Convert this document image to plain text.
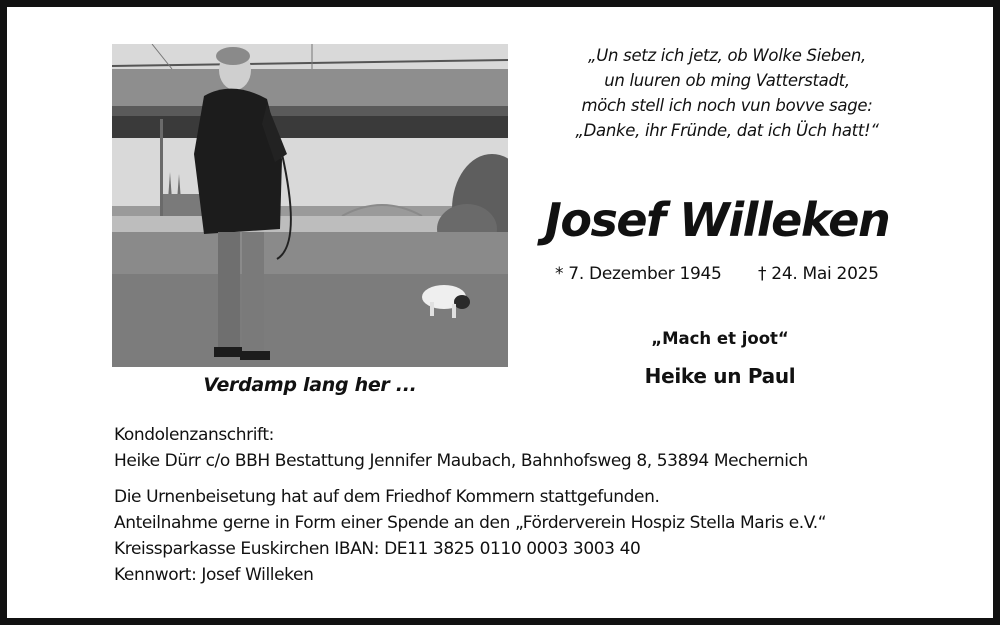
Verdamp lang her ...
„Un setz ich jetz, ob Wolke Sieben,
un luuren ob ming Vatterstadt,
möch stell ich noch vun bovve sage:
„Danke, ihr Fründe, dat ich Üch hatt!“
Josef Willeken
* 7. Dezember 1945 † 24. Mai 2025
„Mach et joot“
Heike un Paul
Kondolenzanschrift:
Heike Dürr c/o BBH Bestattung Jennifer Maubach, Bahnhofsweg 8, 53894 Mechernich
Die Urnenbeisetung hat auf dem Friedhof Kommern stattgefunden.
Anteilnahme gerne in Form einer Spende an den „Förderverein Hospiz Stella Maris e.V.“
Kreissparkasse Euskirchen IBAN: DE11 3825 0110 0003 3003 40
Kennwort: Josef Willeken
